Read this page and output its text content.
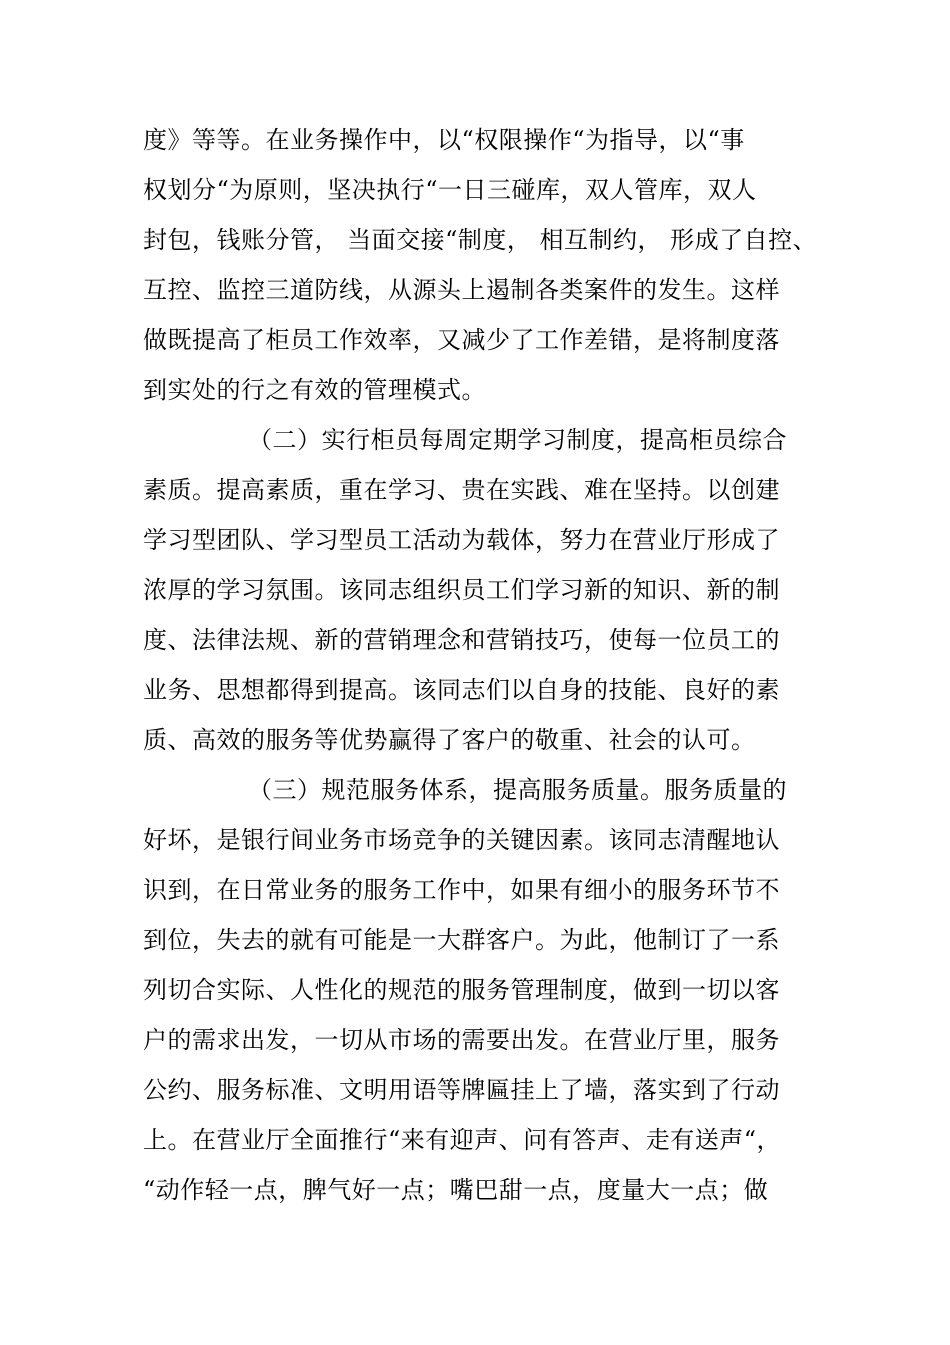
度》等等。在业务操作中，以“权限操作“为指导，以“事

权划分“为原则，坚决执行“一日三碰库，双人管库，双人

封包，钱账分管， 当面交接“制度， 相互制约， 形成了自控、

互控、监控三道防线，从源头上遏制各类案件的发生。这样

做既提高了柜员工作效率，又减少了工作差错，是将制度落

到实处的行之有效的管理模式。

（二）实行柜员每周定期学习制度，提高柜员综合

素质。提高素质，重在学习、贵在实践、难在坚持。以创建

学习型团队、学习型员工活动为载体，努力在营业厅形成了

浓厚的学习氛围。该同志组织员工们学习新的知识、新的制

度、法律法规、新的营销理念和营销技巧，使每一位员工的

业务、思想都得到提高。该同志们以自身的技能、良好的素

质、高效的服务等优势赢得了客户的敬重、社会的认可。

（三）规范服务体系，提高服务质量。服务质量的

好坏，是银行间业务市场竞争的关键因素。该同志清醒地认

识到，在日常业务的服务工作中，如果有细小的服务环节不

到位，失去的就有可能是一大群客户。为此，他制订了一系

列切合实际、人性化的规范的服务管理制度，做到一切以客

户的需求出发，一切从市场的需要出发。在营业厅里，服务

公约、服务标准、文明用语等牌匾挂上了墙，落实到了行动

上。在营业厅全面推行“来有迎声、问有答声、走有送声“，

“动作轻一点，脾气好一点；嘴巴甜一点，度量大一点；做
